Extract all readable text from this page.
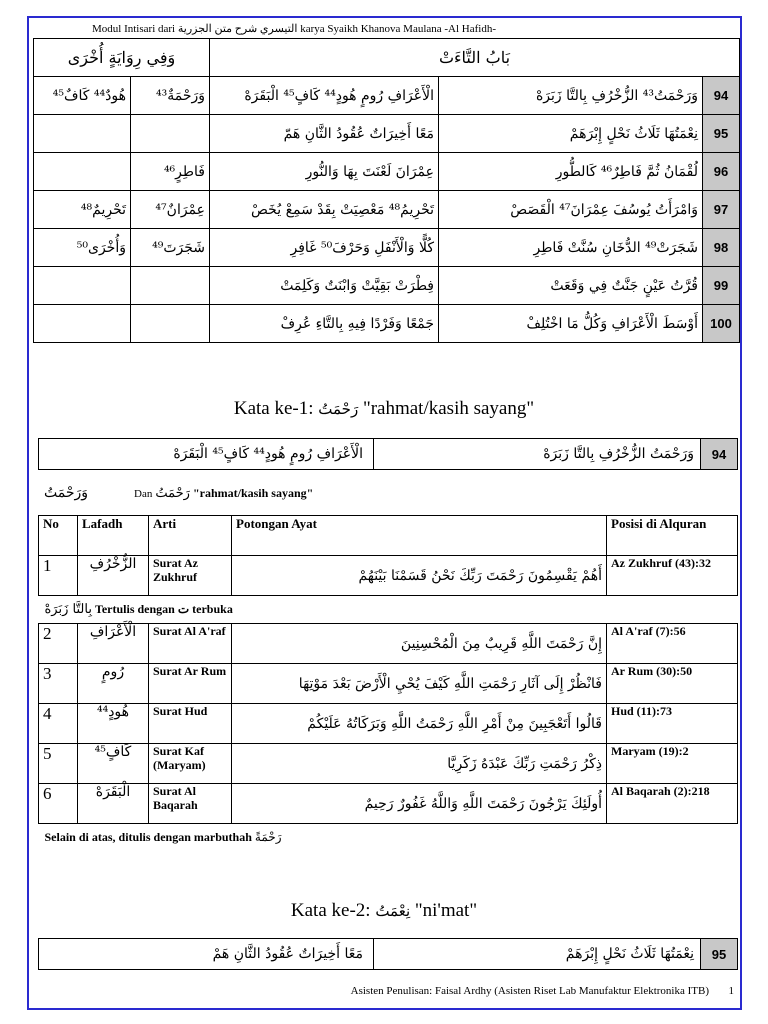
Modul Intisari dari التيسري شرح متن الجزرية karya Syaikh Khanova Maulana -Al Hafidh-
وَفِي رِوَايَةٍ أُخْرَى		بَابُ التَّاءَتْ		
هُودٌ⁴⁴ كَافٌ⁴⁵	وَرَحْمَةٌ⁴³	الْأَعْرَافِ رُومٍ هُودٍ⁴⁴ كَافٍ⁴⁵ الْبَقَرَهْ	وَرَحْمَتُ⁴³ الزُّخْرُفِ بِالتَّا زَبَرَهْ	94
		مَعًا أَخِيرَاتٌ عُقُودُ الثَّانِ هَمّ	نِعْمَتُهَا ثَلَاثُ نَحْلٍ إِبْرَهَمْ	95
	فَاطِرٍ⁴⁶	عِمْرَانَ لَعْنَتَ بِهَا وَالنُّورِ	لُقْمَانُ ثُمَّ فَاطِرٌ⁴⁶ كَالطُّورِ	96
تَحْرِيمٌ⁴⁸	عِمْرَانٌ⁴⁷	تَحْرِيمُ⁴⁸ مَعْصِيَتْ بِقَدْ سَمِعْ يُخَصْ	وَامْرَأَتُ يُوسُفَ عِمْرَانَ⁴⁷ الْقَصَصْ	97
وَأُخْرَى⁵⁰	شَجَرَتَ⁴⁹	كُلًّا وَالْأَنْفَلِ وَحَرْفَ⁵⁰ غَافِرِ	شَجَرَتْ⁴⁹ الدُّخَانِ سُنَّتْ فَاطِرِ	98
		فِطْرَتْ بَقِيَّتْ وَابْنَتٌ وَكَلِمَتْ	قُرَّتُ عَيْنٍ جَنَّتٌ فِي وَقَعَتْ	99
		جَمْعًا وَفَرْدًا فِيهِ بِالتَّاءِ عُرِفْ	أَوْسَطَ الْأَعْرَافِ وَكُلُّ مَا اخْتُلِفْ	100
Kata ke-1: رَحْمَتُ "rahmat/kasih sayang"
الْأَعْرَافِ رُومٍ هُودٍ⁴⁴ كَافٍ⁴⁵ الْبَقَرَهْ	وَرَحْمَتُ الزُّخْرُفِ بِالتَّا زَبَرَهْ	94
وَرَحْمَتُ	Dan رَحْمَتُ "rahmat/kasih sayang"
No	Lafadh	Arti	Potongan Ayat	Posisi di Alquran
1	الزُّخْرُفِ	Surat Az Zukhruf	أَهُمْ يَقْسِمُونَ رَحْمَتَ رَبِّكَ نَحْنُ قَسَمْنَا بَيْنَهُمْ	Az Zukhruf (43):32
بِالتَّا زَبَرَهْ Tertulis dengan ت terbuka				
2	الْأَعْرَافِ	Surat Al A'raf	إِنَّ رَحْمَتَ اللَّهِ قَرِيبٌ مِنَ الْمُحْسِنِينَ	Al A'raf (7):56
3	رُومٍ	Surat Ar Rum	فَانْظُرْ إِلَى آثَارِ رَحْمَتِ اللَّهِ كَيْفَ يُحْيِ الْأَرْضَ بَعْدَ مَوْتِهَا	Ar Rum (30):50
4	هُودٍ⁴⁴	Surat Hud	قَالُوا أَتَعْجَبِينَ مِنْ أَمْرِ اللَّهِ رَحْمَتُ اللَّهِ وَبَرَكَاتُهُ عَلَيْكُمْ	Hud (11):73
5	كَافٍ⁴⁵	Surat Kaf (Maryam)	ذِكْرُ رَحْمَتِ رَبِّكَ عَبْدَهُ زَكَرِيَّا	Maryam (19):2
6	الْبَقَرَهْ	Surat Al Baqarah	أُولَئِكَ يَرْجُونَ رَحْمَتَ اللَّهِ وَاللَّهُ غَفُورٌ رَحِيمٌ	Al Baqarah (2):218
Selain di atas, ditulis dengan marbuthah رَحْمَةً				
Kata ke-2: نِعْمَتُ "ni'mat"
مَعًا أَخِيرَاتٌ عُقُودُ الثَّانِ هَمْ	نِعْمَتُهَا ثَلَاثُ نَحْلٍ إِبْرَهَمْ	95
Asisten Penulisan: Faisal Ardhy (Asisten Riset Lab Manufaktur Elektronika ITB) 1
